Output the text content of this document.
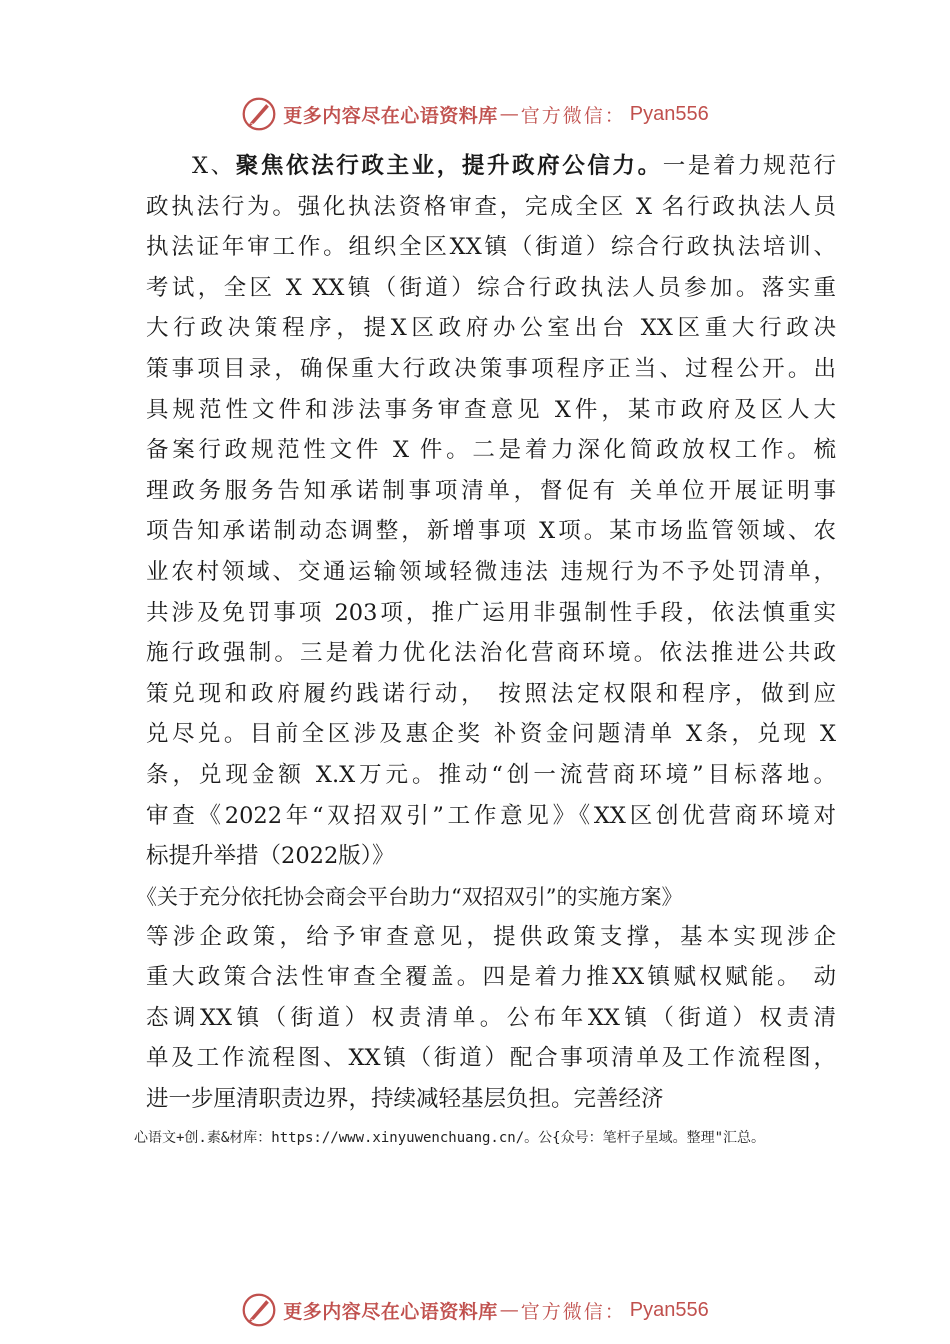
更多内容尽在心语资料库 — 官方微信： Pyan556
X、聚焦依法行政主业，提升政府公信力。一是着力规范行
政执法行为。强化执法资格审查，完成全区 X 名行政执法人员
执法证年审工作。组织全区XX镇（街道）综合行政执法培训、
考试，全区 X XX镇（街道）综合行政执法人员参加。落实重
大行政决策程序，提X区政府办公室出台 XX区重大行政决
策事项目录，确保重大行政决策事项程序正当、过程公开。出
具规范性文件和涉法事务审查意见 X件，某市政府及区人大
备案行政规范性文件 X 件。二是着力深化简政放权工作。梳
理政务服务告知承诺制事项清单，督促有 关单位开展证明事
项告知承诺制动态调整，新增事项 X项。某市场监管领域、农
业农村领域、交通运输领域轻微违法 违规行为不予处罚清单，
共涉及免罚事项 203项，推广运用非强制性手段，依法慎重实
施行政强制。三是着力优化法治化营商环境。依法推进公共政
策兑现和政府履约践诺行动， 按照法定权限和程序，做到应
兑尽兑。目前全区涉及惠企奖 补资金问题清单 X条，兑现 X
条，兑现金额 X.X万元。推动“创一流营商环境”目标落地。
审查《2022年“双招双引”工作意见》《XX区创优营商环境对
标提升举措（2022版）》
《关于充分依托协会商会平台助力“双招双引”的实施方案》
等涉企政策，给予审查意见，提供政策支撑，基本实现涉企
重大政策合法性审查全覆盖。四是着力推XX镇赋权赋能。 动
态调XX镇（街道）权责清单。公布年XX镇（街道）权责清
单及工作流程图、XX镇（街道）配合事项清单及工作流程图，
进一步厘清职责边界，持续减轻基层负担。完善经济
心语文+创.素&材库：https://www.xinyuwenchuang.cn/。公{众号：笔杆子星域。整理"汇总。
更多内容尽在心语资料库 — 官方微信： Pyan556
